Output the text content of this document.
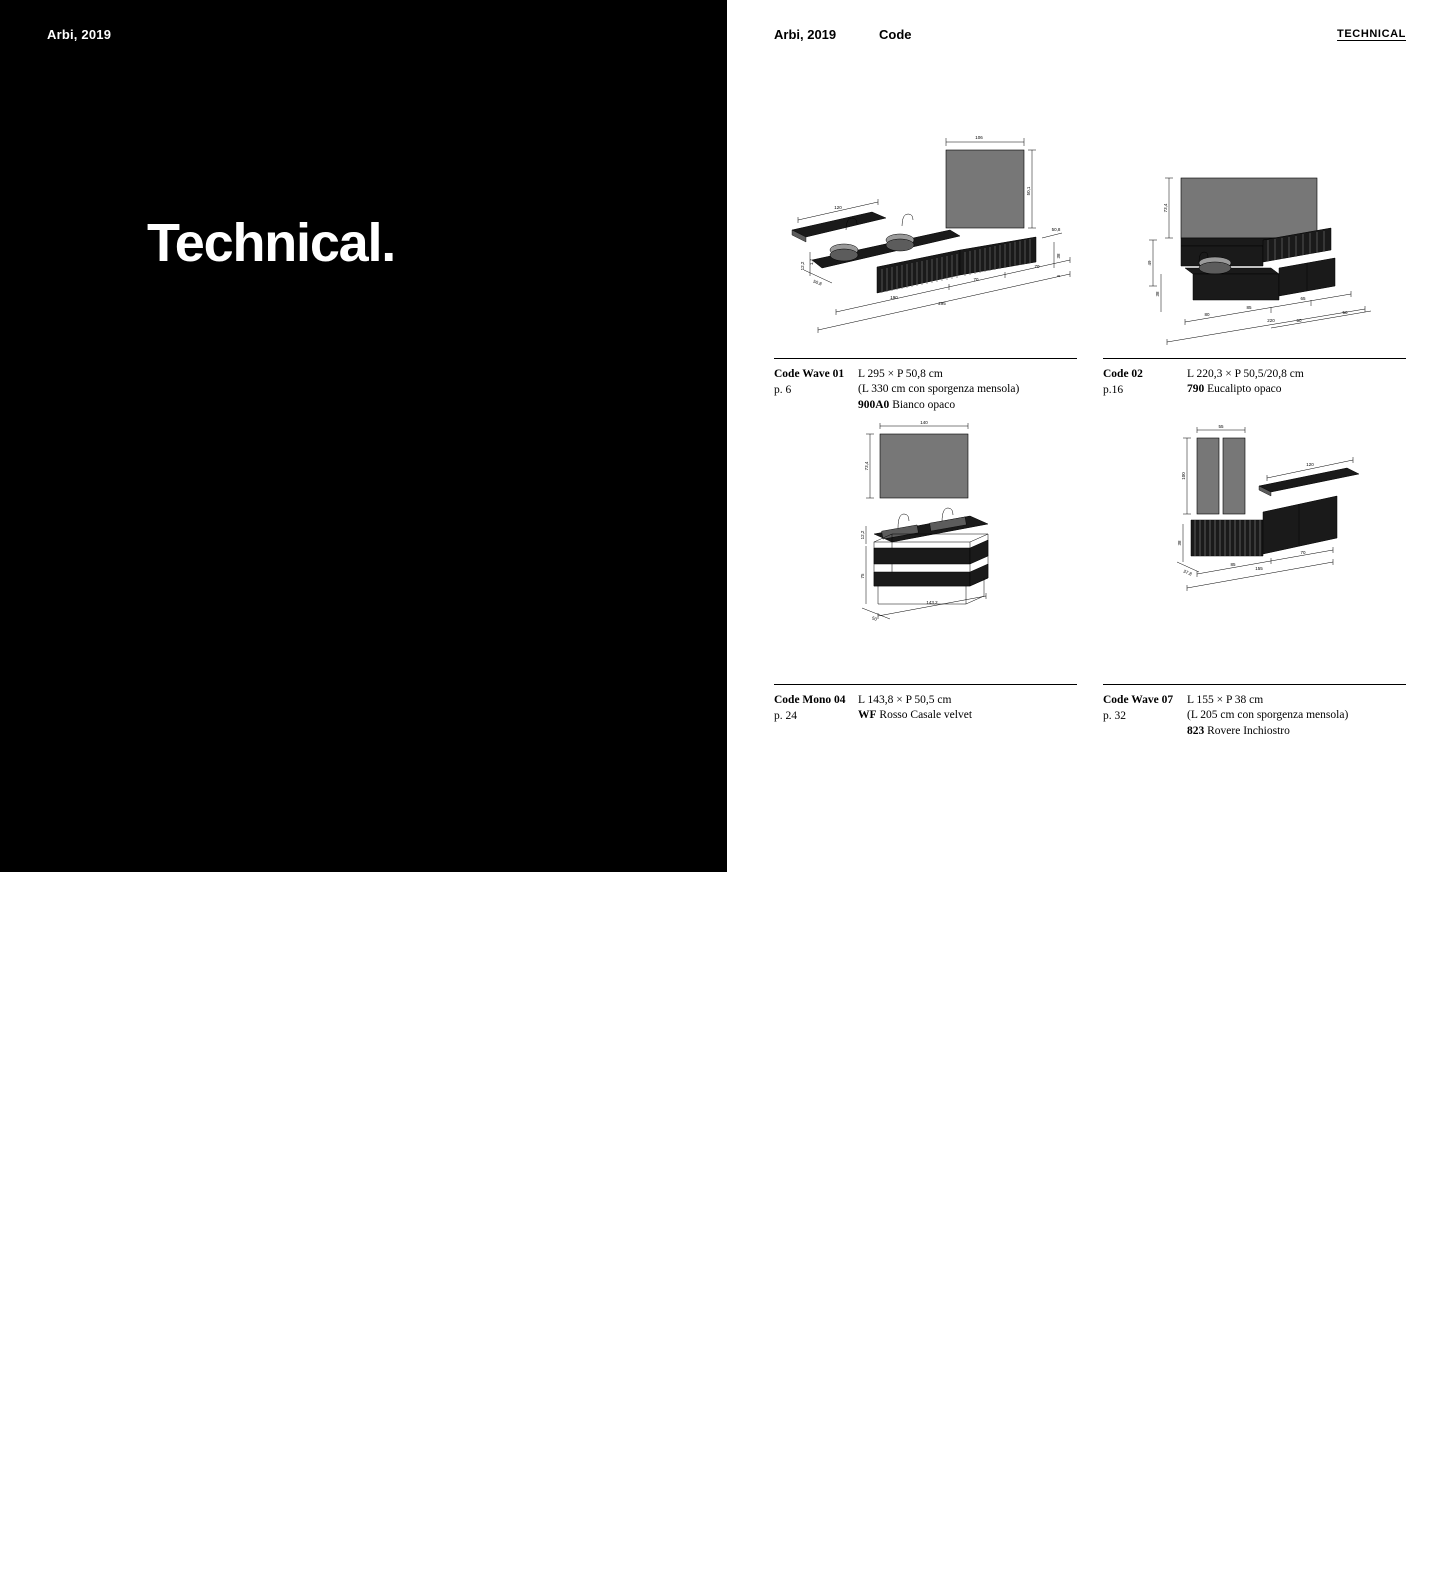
Arbi, 2019
Technical.
Arbi, 2019	Code	TECHNICAL
106
50,1
120
12,2 1,7
50,8
50,8
38
5
190
70
70
295
Code Wave 01
p. 6
L 295 × P 50,8 cm
(L 330 cm con sporgenza mensola)
900A0 Bianco opaco
73,4
49
38
80
85
65
50
50
220
Code 02
p.16
L 220,3 × P 50,5/20,8 cm
790 Eucalipto opaco
140
73,4
12,2
75
50
143,2
Code Mono 04
p. 24
L 143,8 × P 50,5 cm
WF Rosso Casale velvet
55
100
120
38
37,8
85
70
155
Code Wave 07
p. 32
L 155 × P 38 cm
(L 205 cm con sporgenza mensola)
823 Rovere Inchiostro
